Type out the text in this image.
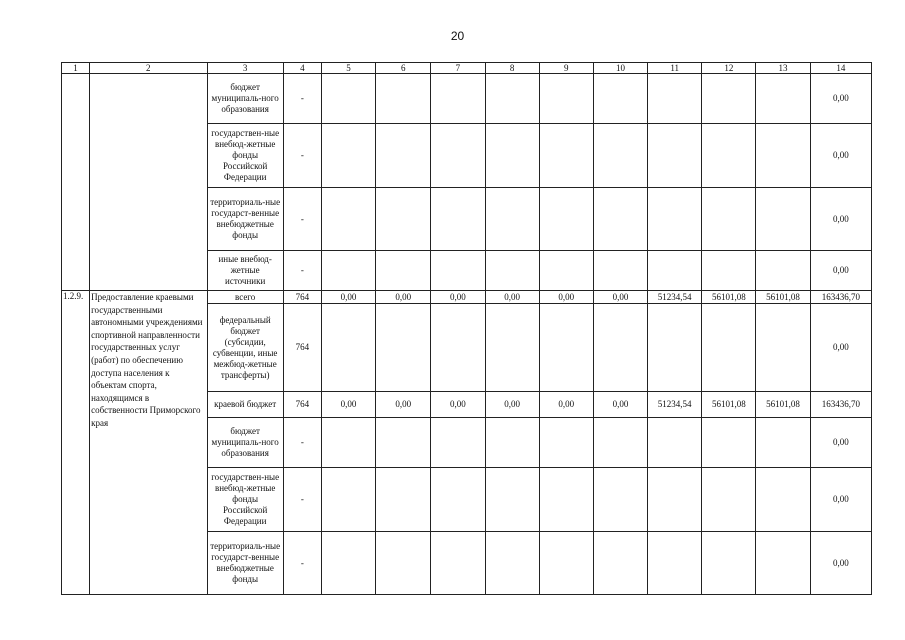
20
1	2	3	4	5	6	7	8	9	10	11	12	13	14
		бюджет муниципаль-ного образования	-										0,00
		государствен-ные внебюд-жетные фонды Российской Федерации	-										0,00
		территориаль-ные государст-венные внебюджетные фонды	-										0,00
		иные внебюд-жетные источники	-										0,00
1.2.9.	Предоставление краевыми государственными автономными учреждениями спортивной направленности государственных услуг (работ) по обеспечению доступа населения к объектам спорта, находящимся в собственности Приморского края	всего	764	0,00	0,00	0,00	0,00	0,00	0,00	51234,54	56101,08	56101,08	163436,70
		федеральный бюджет (субсидии, субвенции, иные межбюд-жетные трансферты)	764										0,00
		краевой бюджет	764	0,00	0,00	0,00	0,00	0,00	0,00	51234,54	56101,08	56101,08	163436,70
		бюджет муниципаль-ного образования	-										0,00
		государствен-ные внебюд-жетные фонды Российской Федерации	-										0,00
		территориаль-ные государст-венные внебюджетные фонды	-										0,00
